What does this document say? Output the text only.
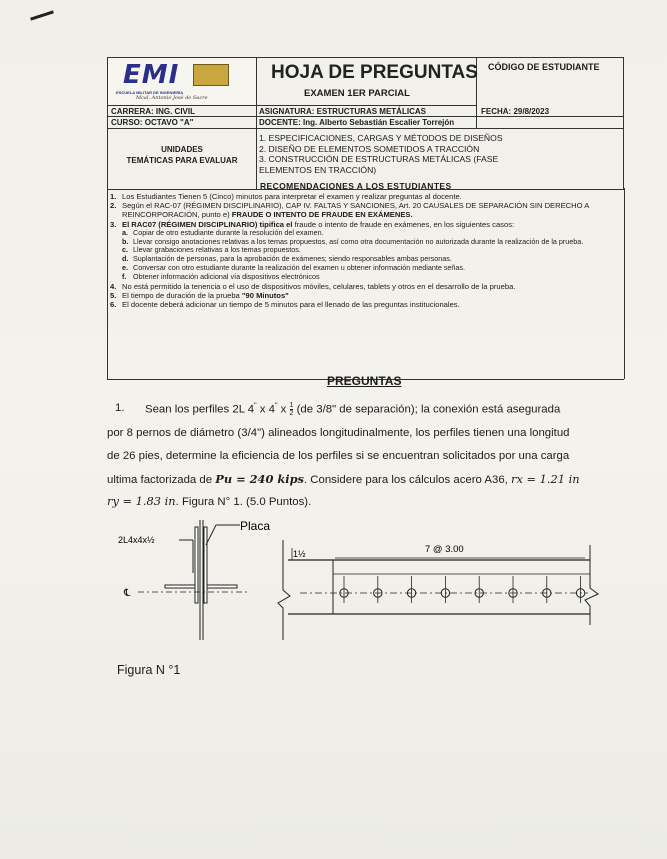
EMI
ESCUELA MILITAR DE INGENIERÍA
Mcal. Antonio José de Sucre
HOJA DE PREGUNTAS
EXAMEN 1ER PARCIAL
CÓDIGO DE ESTUDIANTE
CARRERA: ING. CIVIL	ASIGNATURA: ESTRUCTURAS METÁLICAS	FECHA: 29/8/2023
CURSO: OCTAVO "A"	DOCENTE: Ing. Alberto Sebastián Escalier Torrejón
UNIDADES
TEMÁTICAS PARA EVALUAR
1. ESPECIFICACIONES, CARGAS Y MÉTODOS DE DISEÑOS
2. DISEÑO DE ELEMENTOS SOMETIDOS A TRACCIÓN
3. CONSTRUCCIÓN DE ESTRUCTURAS METÁLICAS (FASE
ELEMENTOS EN TRACCIÓN)
RECOMENDACIONES A LOS ESTUDIANTES
1. Los Estudiantes Tienen 5 (Cinco) minutos para interpretar el examen y realizar preguntas al docente.
2. Según el RAC-07 (RÉGIMEN DISCIPLINARIO), CAP IV. FALTAS Y SANCIONES, Art. 20 CAUSALES DE SEPARACIÓN SIN DERECHO A REINCORPORACIÓN, punto e) FRAUDE O INTENTO DE FRAUDE EN EXÁMENES.
3. El RAC07 (RÉGIMEN DISCIPLINARIO) tipifica el fraude o intento de fraude en exámenes, en los siguientes casos:
a. Copiar de otro estudiante durante la resolución del examen.
b. Llevar consigo anotaciones relativas a los temas propuestos, así como otra documentación no autorizada durante la realización de la prueba.
c. Llevar grabaciones relativas a los temas propuestos.
d. Suplantación de personas, para la aprobación de exámenes; siendo responsables ambas personas.
e. Conversar con otro estudiante durante la realización del examen u obtener información mediante señas.
f. Obtener información adicional vía dispositivos electrónicos
4. No está permitido la tenencia o el uso de dispositivos móviles, celulares, tablets y otros en el desarrollo de la prueba.
5. El tiempo de duración de la prueba "90 Minutos"
6. El docente deberá adicionar un tiempo de 5 minutos para el llenado de las preguntas institucionales.
PREGUNTAS
1. Sean los perfiles 2L 4" x 4" x $\frac{1}{2} (de$ 3/8" de separación); la conexión está asegurada
por 8 pernos de diámetro (3/4") alineados longitudinalmente, los perfiles tienen una longitud
de 26 pies, determine la eficiencia de los perfiles si se encuentran solicitados por una carga
ultima factorizada de Pu = 240 kips. Considere para los cálculos acero A36, rx = 1.21 in
ry = 1.83 in. Figura N° 1. (5.0 Puntos).
2L4x4x½
℄
Placa
1½	7 @ 3.00
Figura N °1
